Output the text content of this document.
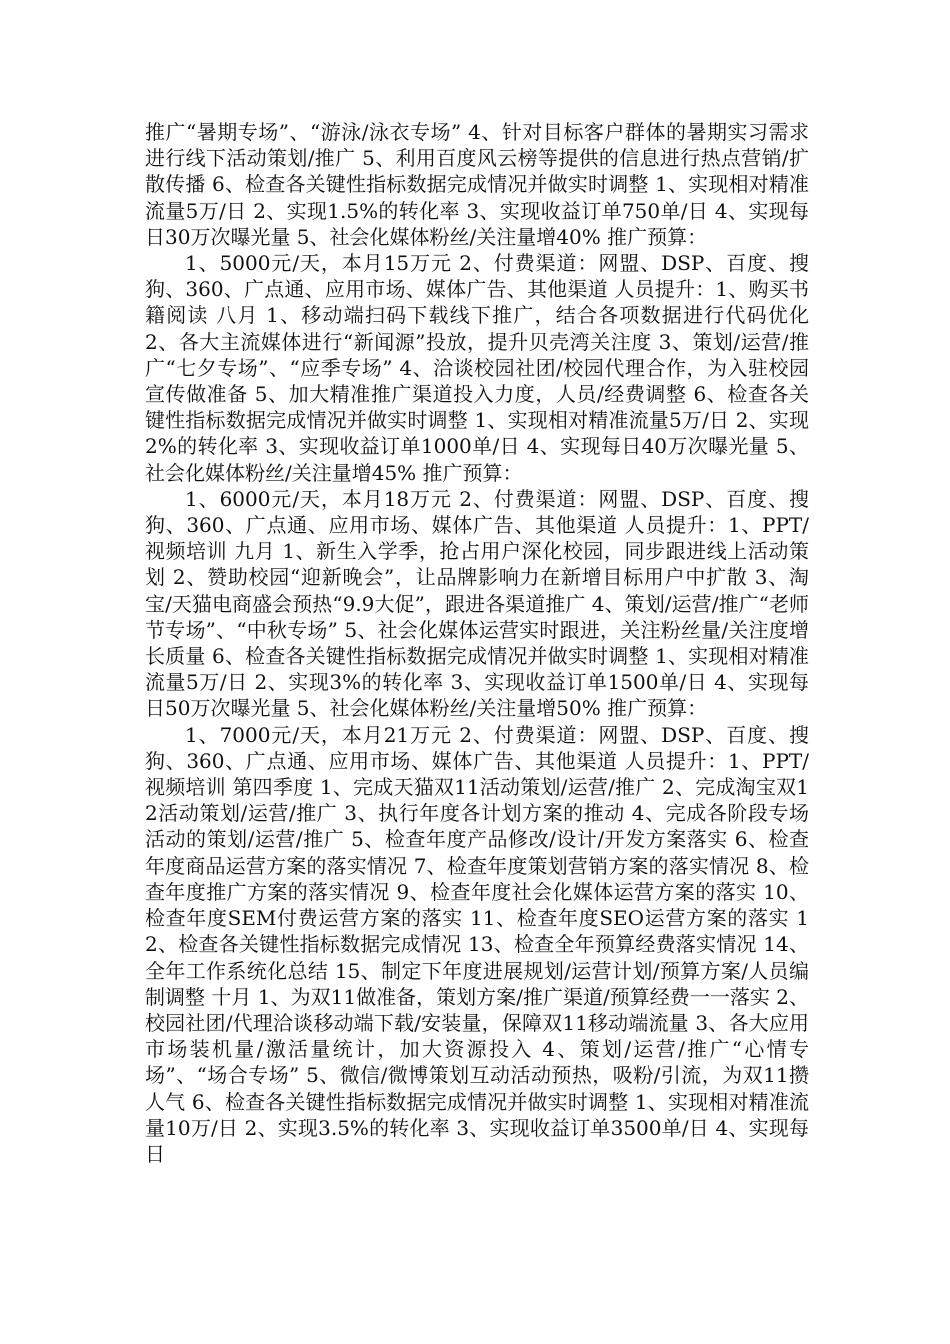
推广“暑期专场”、“游泳/泳衣专场” 4、针对目标客户群体的暑期实习需求进行线下活动策划/推广 5、利用百度风云榜等提供的信息进行热点营销/扩散传播 6、检查各关键性指标数据完成情况并做实时调整 1、实现相对精准流量5万/日 2、实现1.5%的转化率 3、实现收益订单750单/日 4、实现每日30万次曝光量 5、社会化媒体粉丝/关注量增40% 推广预算：

1、5000元/天，本月15万元 2、付费渠道：网盟、DSP、百度、搜狗、360、广点通、应用市场、媒体广告、其他渠道 人员提升：1、购买书籍阅读 八月 1、移动端扫码下载线下推广，结合各项数据进行代码优化 2、各大主流媒体进行“新闻源”投放，提升贝壳湾关注度 3、策划/运营/推广“七夕专场”、“应季专场” 4、洽谈校园社团/校园代理合作，为入驻校园宣传做准备 5、加大精准推广渠道投入力度，人员/经费调整 6、检查各关键性指标数据完成情况并做实时调整 1、实现相对精准流量5万/日 2、实现2%的转化率 3、实现收益订单1000单/日 4、实现每日40万次曝光量 5、社会化媒体粉丝/关注量增45% 推广预算：

1、6000元/天，本月18万元 2、付费渠道：网盟、DSP、百度、搜狗、360、广点通、应用市场、媒体广告、其他渠道 人员提升：1、PPT/视频培训 九月 1、新生入学季，抢占用户深化校园，同步跟进线上活动策划 2、赞助校园“迎新晚会”，让品牌影响力在新增目标用户中扩散 3、淘宝/天猫电商盛会预热“9.9大促”，跟进各渠道推广 4、策划/运营/推广“老师节专场”、“中秋专场” 5、社会化媒体运营实时跟进，关注粉丝量/关注度增长质量 6、检查各关键性指标数据完成情况并做实时调整 1、实现相对精准流量5万/日 2、实现3%的转化率 3、实现收益订单1500单/日 4、实现每日50万次曝光量 5、社会化媒体粉丝/关注量增50% 推广预算：

1、7000元/天，本月21万元 2、付费渠道：网盟、DSP、百度、搜狗、360、广点通、应用市场、媒体广告、其他渠道 人员提升：1、PPT/视频培训 第四季度 1、完成天猫双11活动策划/运营/推广 2、完成淘宝双12活动策划/运营/推广 3、执行年度各计划方案的推动 4、完成各阶段专场活动的策划/运营/推广 5、检查年度产品修改/设计/开发方案落实 6、检查年度商品运营方案的落实情况 7、检查年度策划营销方案的落实情况 8、检查年度推广方案的落实情况 9、检查年度社会化媒体运营方案的落实 10、检查年度SEM付费运营方案的落实 11、检查年度SEO运营方案的落实 12、检查各关键性指标数据完成情况 13、检查全年预算经费落实情况 14、全年工作系统化总结 15、制定下年度进展规划/运营计划/预算方案/人员编制调整 十月 1、为双11做准备，策划方案/推广渠道/预算经费一一落实 2、校园社团/代理洽谈移动端下载/安装量，保障双11移动端流量 3、各大应用市场装机量/激活量统计，加大资源投入 4、策划/运营/推广“心情专场”、“场合专场” 5、微信/微博策划互动活动预热，吸粉/引流，为双11攒人气 6、检查各关键性指标数据完成情况并做实时调整 1、实现相对精准流量10万/日 2、实现3.5%的转化率 3、实现收益订单3500单/日 4、实现每日
